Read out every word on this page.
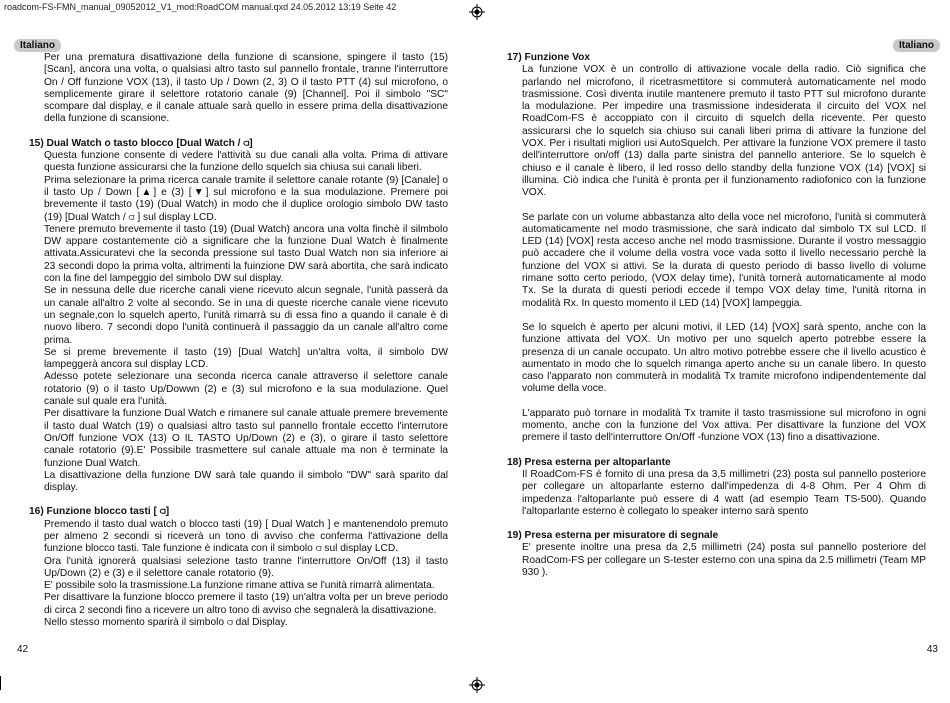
roadcom-FS-FMN_manual_09052012_V1_mod:RoadCOM manual.qxd 24.05.2012 13:19 Seite 42
Italiano	Italiano

Per una prematura disattivazione della funzione di scansione, spingere il tasto (15) [Scan], ancora una volta, o qualsiasi altro tasto sul pannello frontale, tranne l'interruttore On / Off funzione VOX (13), il tasto Up / Down (2, 3) O il tasto PTT (4) sul microfono, o semplicemente girare il selettore rotatorio canale (9) [Channel]. Poi il simbolo "SC" scompare dal display, e il canale attuale sarà quello in essere prima della disattivazione della funzione di scansione.

15) Dual Watch o tasto blocco [Dual Watch / ⫏]

Questa funzione consente di vedere l'attività su due canali alla volta. Prima di attivare questa funzione assicurarsi che la funzione dello squelch sia chiusa sui canali liberi.

Prima selezionare la prima ricerca canale tramite il selettore canale rotante (9) [Canale] o il tasto Up / Down [▲] e (3) [▼] sul microfono e la sua modulazione. Premere poi brevemente il tasto (19) (Dual Watch) in modo che il duplice orologio simbolo DW tasto (19) [Dual Watch / ⫏ ] sul display LCD.

Tenere premuto brevemente il tasto (19) (Dual Watch) ancora una volta finchè il silmbolo DW appare costantemente ciò a significare che la funzione Dual Watch è finalmente attivata.Assicuratevi che la seconda pressione sul tasto Dual Watch non sia inferiore ai 23 secondi dopo la prima volta, altrimenti la fuinzione DW sarà abortita, che sarà indicato con la fine del lampeggio del simbolo DW sul display.

Se in nessuna delle due ricerche canali viene ricevuto alcun segnale, l'unità passerà da un canale all'altro 2 volte al secondo. Se in una di queste ricerche canale viene ricevuto un segnale,con lo squelch aperto, l'unità rimarrà su di essa fino a quando il canale è di nuovo libero. 7 secondi dopo l'unità continuerà il passaggio da un canale all'altro come prima.

Se si preme brevemente il tasto (19) [Dual Watch] un'altra volta, il simbolo DW lampeggerà ancora sul display LCD.

Adesso potete selezionare una seconda ricerca canale attraverso il selettore canale rotatorio (9) o il tasto Up/Dowwn (2) e (3) sul microfono e la sua modulazione. Quel canale sul quale era l'unità.

Per disattivare la funzione Dual Watch e rimanere sul canale attuale premere brevemente il tasto dual Watch (19) o qualsiasi altro tasto sul pannello frontale eccetto l'interrutore On/Off funzione VOX (13) O IL TASTO Up/Down (2) e (3), o girare il tasto selettore canale rotatorio (9).E' Possibile trasmettere sul canale attuale ma non è terminate la funzione Dual Watch.

La disattivazione della funzione DW sarà tale quando il simbolo "DW" sarà sparito dal display.

16) Funzione blocco tasti [ ⫏]

Premendo il tasto dual watch o blocco tasti (19) [ Dual Watch ] e mantenendolo premuto per almeno 2 secondi si riceverà un tono di avviso che conferma l'attivazione della funzione blocco tasti. Tale funzione è indicata con il simbolo ⫏ sul display LCD.

Ora l'unità ignorerà qualsiasi selezione tasto tranne l'interruttore On/Off (13) il tasto Up/Down (2) e (3) e il selettore canale rotatorio (9).

E' possibile solo la trasmissione.La funzione rimane attiva se l'unità rimarrà alimentata.

Per disattivare la funzione blocco premere il tasto (19) un'altra volta per un breve periodo di circa 2 secondi fino a ricevere un altro tono di avviso che segnalerà la disattivazione.

Nello stesso momento sparirà il simbolo ⫏ dal Display.

17) Funzione Vox

La funzione VOX è un controllo di attivazione vocale della radio. Ciò significa che parlando nel microfono, il ricetrasmettitore si commuterà automaticamente nel modo trasmissione. Così diventa inutile mantenere premuto il tasto PTT sul microfono durante la modulazione. Per impedire una trasmissione indesiderata il circuito del VOX nel RoadCom-FS è accoppiato con il circuito di squelch della ricevente. Per questo assicurarsi che lo squelch sia chiuso sui canali liberi prima di attivare la funzione del VOX. Per i risultati migliori usi AutoSquelch. Per attivare la funzione VOX premere il tasto dell'interruttore on/off (13) dalla parte sinistra del pannello anteriore. Se lo squelch è chiuso e il canale è libero, il led rosso dello standby della funzione VOX (14) [VOX] si illumina. Ciò indica che l'unità è pronta per il funzionamento radiofonico con la funzione VOX.

Se parlate con un volume abbastanza alto della voce nel microfono, l'unità si commuterà automaticamente nel modo trasmissione, che sarà indicato dal simbolo TX sul LCD. Il LED (14) [VOX] resta acceso anche nel modo trasmissione. Durante il vostro messaggio può accadere che il volume della vostra voce vada sotto il livello necessario perchè la funzione del VOX si attivi. Se la durata di questo periodo di basso livello di volume rimane sotto certo periodo, (VOX delay time), l'unità tornerà automaticamente al modo Tx. Se la durata di questi periodi eccede il tempo VOX delay time, l'unità ritorna in modalità Rx. In questo momento il LED (14) [VOX] lampeggia.

Se lo squelch è aperto per alcuni motivi, il LED (14) [VOX] sarà spento, anche con la funzione attivata del VOX. Un motivo per uno squelch aperto potrebbe essere la presenza di un canale occupato. Un altro motivo potrebbe essere che il livello acustico è aumentato in modo che lo squelch rimanga aperto anche su un canale libero. In questo caso l'apparato non commuterà in modalità Tx tramite microfono indipendentemente dal volume della voce.

L'apparato può tornare in modalità Tx tramite il tasto trasmissione sul microfono in ogni momento, anche con la funzione del Vox attiva. Per disattivare la funzione del VOX premere il tasto dell'interruttore On/Off -funzione VOX (13) fino a disattivazione.

18) Presa esterna per altoparlante

Il RoadCom-FS è fornito di una presa da 3,5 millimetri (23) posta sul pannello posteriore per collegare un altoparlante esterno dall'impedenza di 4-8 Ohm. Per 4 Ohm di impedenza l'altoparlante può essere di 4 watt (ad esempio Team TS-500). Quando l'altoparlante esterno è collegato lo speaker interno sarà spento

19) Presa esterna per misuratore di segnale

E' presente inoltre una presa da 2,5 millimetri (24) posta sul pannello posteriore del RoadCom-FS per collegare un S-tester esterno con una spina da 2.5 millimetri (Team MP 930 ).

42	43
